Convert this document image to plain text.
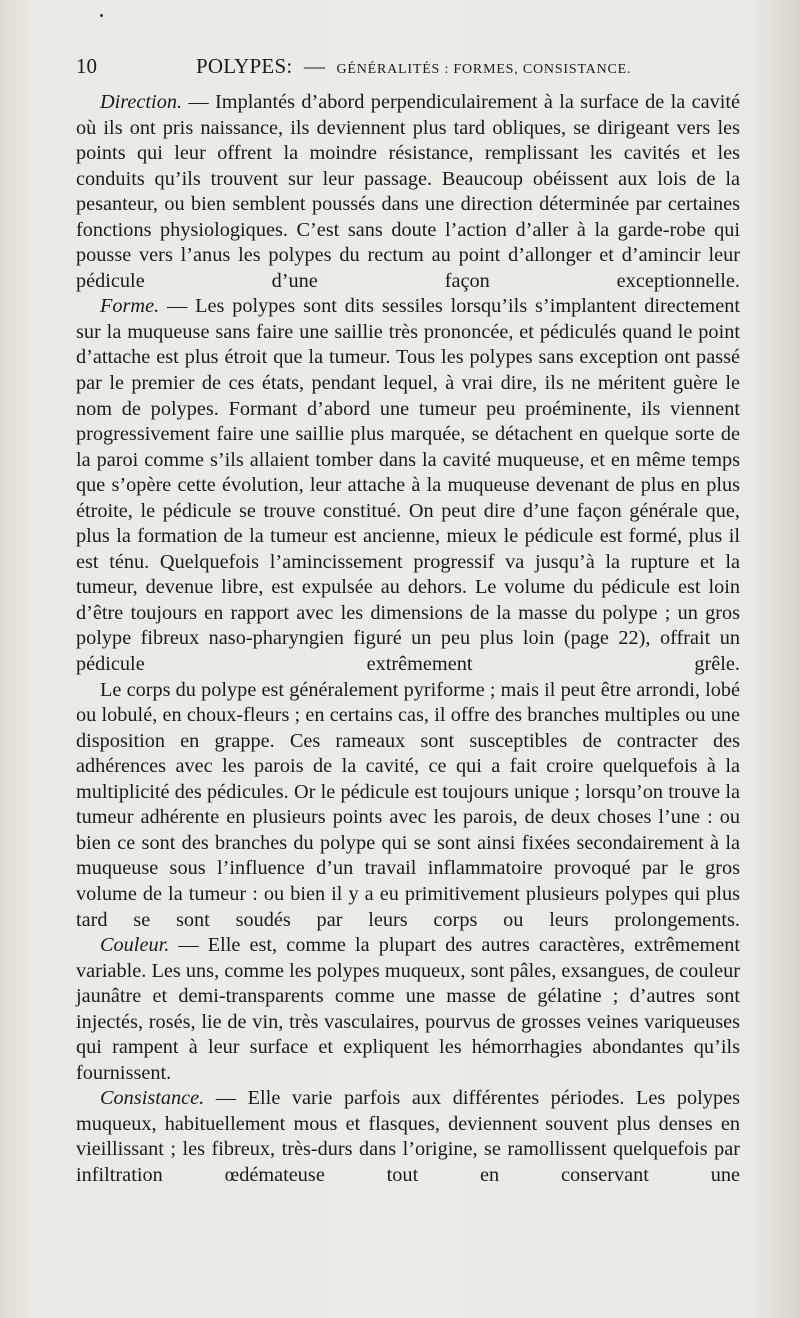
10	POLYPES: — GÉNÉRALITÉS : FORMES, CONSISTANCE.

Direction. — Implantés d’abord perpendiculairement à la surface de la cavité où ils ont pris naissance, ils deviennent plus tard obliques, se dirigeant vers les points qui leur offrent la moindre résistance, remplissant les cavités et les conduits qu’ils trouvent sur leur passage. Beaucoup obéissent aux lois de la pesanteur, ou bien semblent poussés dans une direction déterminée par certaines fonctions physiologiques. C’est sans doute l’action d’aller à la garde-robe qui pousse vers l’anus les polypes du rectum au point d’allonger et d’amincir leur pédicule d’une façon exceptionnelle.

Forme. — Les polypes sont dits sessiles lorsqu’ils s’implantent directement sur la muqueuse sans faire une saillie très prononcée, et pédiculés quand le point d’attache est plus étroit que la tumeur. Tous les polypes sans exception ont passé par le premier de ces états, pendant lequel, à vrai dire, ils ne méritent guère le nom de polypes. Formant d’abord une tumeur peu proéminente, ils viennent progressivement faire une saillie plus marquée, se détachent en quelque sorte de la paroi comme s’ils allaient tomber dans la cavité muqueuse, et en même temps que s’opère cette évolution, leur attache à la muqueuse devenant de plus en plus étroite, le pédicule se trouve constitué. On peut dire d’une façon générale que, plus la formation de la tumeur est ancienne, mieux le pédicule est formé, plus il est ténu. Quelquefois l’amincissement progressif va jusqu’à la rupture et la tumeur, devenue libre, est expulsée au dehors. Le volume du pédicule est loin d’être toujours en rapport avec les dimensions de la masse du polype ; un gros polype fibreux naso-pharyngien figuré un peu plus loin (page 22), offrait un pédicule extrêmement grêle.

Le corps du polype est généralement pyriforme ; mais il peut être arrondi, lobé ou lobulé, en choux-fleurs ; en certains cas, il offre des branches multiples ou une disposition en grappe. Ces rameaux sont susceptibles de contracter des adhérences avec les parois de la cavité, ce qui a fait croire quelquefois à la multiplicité des pédicules. Or le pédicule est toujours unique ; lorsqu’on trouve la tumeur adhérente en plusieurs points avec les parois, de deux choses l’une : ou bien ce sont des branches du polype qui se sont ainsi fixées secondairement à la muqueuse sous l’influence d’un travail inflammatoire provoqué par le gros volume de la tumeur : ou bien il y a eu primitivement plusieurs polypes qui plus tard se sont soudés par leurs corps ou leurs prolongements.

Couleur. — Elle est, comme la plupart des autres caractères, extrêmement variable. Les uns, comme les polypes muqueux, sont pâles, exsangues, de couleur jaunâtre et demi-transparents comme une masse de gélatine ; d’autres sont injectés, rosés, lie de vin, très vasculaires, pourvus de grosses veines variqueuses qui rampent à leur surface et expliquent les hémorrhagies abondantes qu’ils fournissent.

Consistance. — Elle varie parfois aux différentes périodes. Les polypes muqueux, habituellement mous et flasques, deviennent souvent plus denses en vieillissant ; les fibreux, très-durs dans l’origine, se ramollissent quelquefois par infiltration œdémateuse tout en conservant une
